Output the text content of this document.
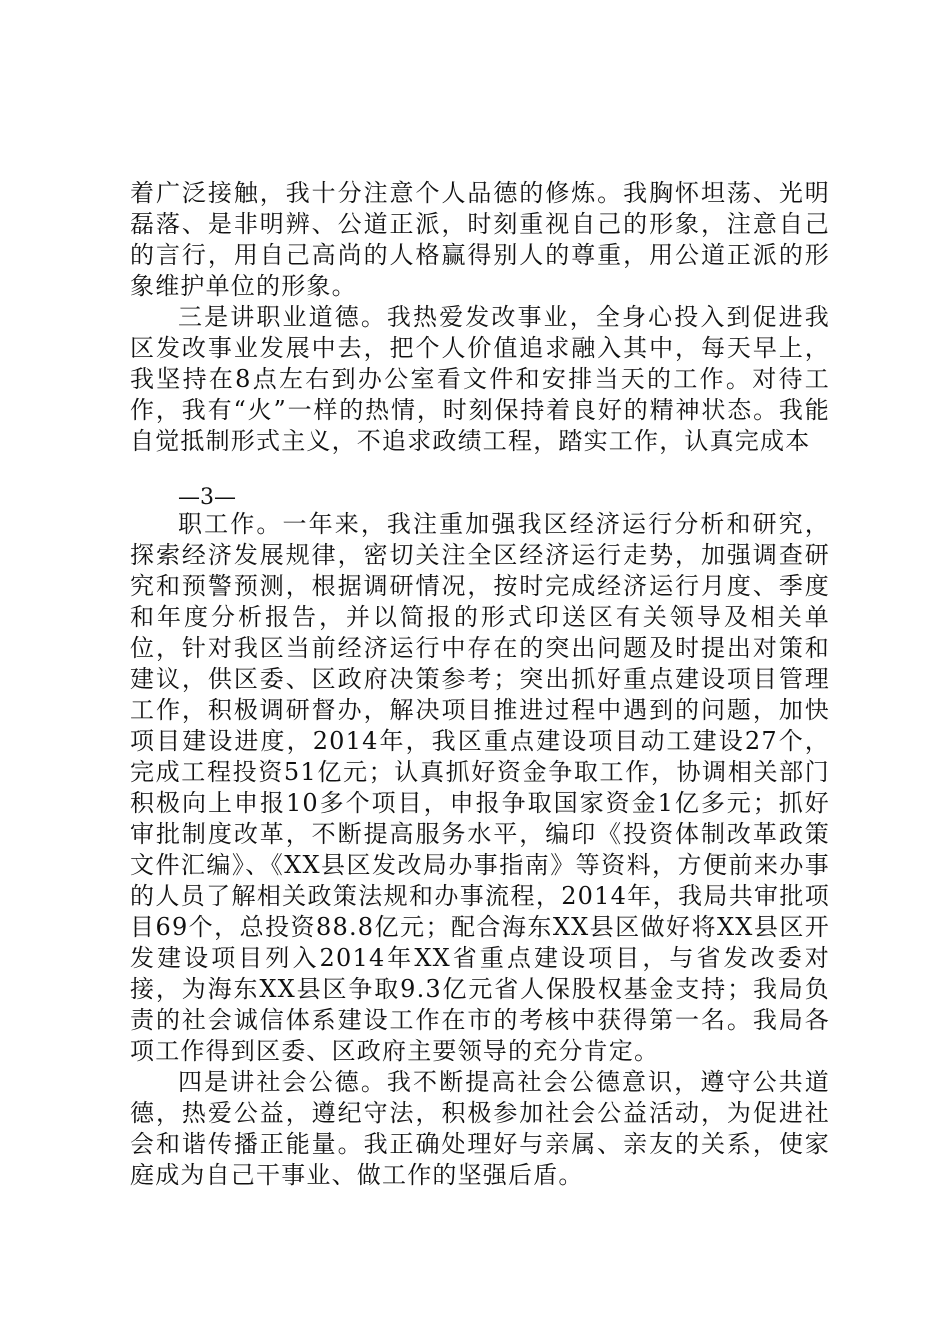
着广泛接触，我十分注意个人品德的修炼。我胸怀坦荡、光明磊落、是非明辨、公道正派，时刻重视自己的形象，注意自己的言行，用自己高尚的人格赢得别人的尊重，用公道正派的形象维护单位的形象。

三是讲职业道德。我热爱发改事业，全身心投入到促进我区发改事业发展中去，把个人价值追求融入其中，每天早上，我坚持在8点左右到办公室看文件和安排当天的工作。对待工作，我有“火”一样的热情，时刻保持着良好的精神状态。我能自觉抵制形式主义，不追求政绩工程，踏实工作，认真完成本

—3—

职工作。一年来，我注重加强我区经济运行分析和研究，探索经济发展规律，密切关注全区经济运行走势，加强调查研究和预警预测，根据调研情况，按时完成经济运行月度、季度和年度分析报告，并以简报的形式印送区有关领导及相关单位，针对我区当前经济运行中存在的突出问题及时提出对策和建议，供区委、区政府决策参考；突出抓好重点建设项目管理工作，积极调研督办，解决项目推进过程中遇到的问题，加快项目建设进度，2014年，我区重点建设项目动工建设27个，完成工程投资51亿元；认真抓好资金争取工作，协调相关部门积极向上申报10多个项目，申报争取国家资金1亿多元；抓好审批制度改革，不断提高服务水平，编印《投资体制改革政策文件汇编》、《XX县区发改局办事指南》等资料，方便前来办事的人员了解相关政策法规和办事流程，2014年，我局共审批项目69个，总投资88.8亿元；配合海东XX县区做好将XX县区开发建设项目列入2014年XX省重点建设项目，与省发改委对接，为海东XX县区争取9.3亿元省人保股权基金支持；我局负责的社会诚信体系建设工作在市的考核中获得第一名。我局各项工作得到区委、区政府主要领导的充分肯定。

四是讲社会公德。我不断提高社会公德意识，遵守公共道德，热爱公益，遵纪守法，积极参加社会公益活动，为促进社会和谐传播正能量。我正确处理好与亲属、亲友的关系，使家庭成为自己干事业、做工作的坚强后盾。
